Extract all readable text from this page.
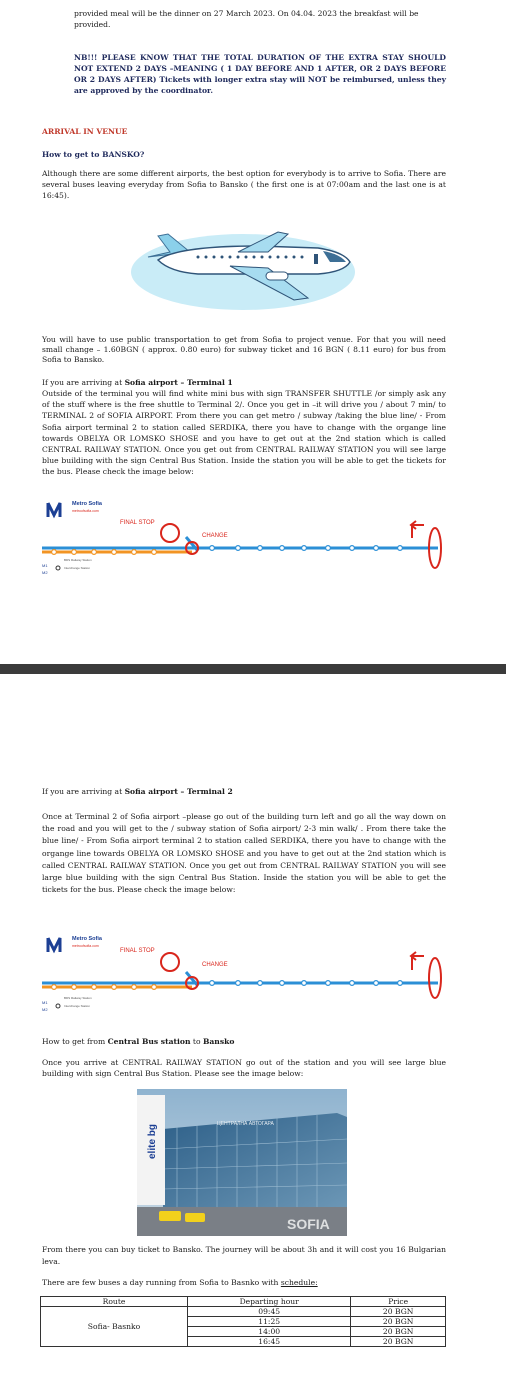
provided meal will be the dinner on 27 March 2023. On 04.04. 2023 the breakfast will be provided.
NB!!! PLEASE KNOW THAT THE TOTAL DURATION OF THE EXTRA STAY SHOULD NOT EXTEND 2 DAYS –MEANING ( 1 DAY BEFORE AND 1 AFTER, OR 2 DAYS BEFORE OR 2 DAYS AFTER) Tickets with longer extra stay will NOT be reimbursed, unless they are approved by the coordinator.
ARRIVAL IN VENUE
How to get to BANSKO?
Although there are some different airports, the best option for everybody is to arrive to Sofia. There are several buses leaving everyday from Sofia to Bansko ( the first one is at 07:00am and the last one is at 16:45).
You will have to use public transportation to get from Sofia to project venue. For that you will need small change – 1.60BGN ( approx. 0.80 euro) for subway ticket and 16 BGN ( 8.11 euro) for bus from Sofia to Bansko.
If you are arriving at Sofia airport – Terminal 1
Outside of the terminal you will find white mini bus with sign TRANSFER SHUTTLE /or simply ask any of the stuff where is the free shuttle to Terminal 2/. Once you get in –it will drive you / about 7 min/ to TERMINAL 2 of SOFIA AIRPORT. From there you can get metro / subway /taking the blue line/ - From Sofia airport terminal 2 to station called SERDIKA, there you have to change with the organge line towards OBELYA OR LOMSKO SHOSE and you have to get out at the 2nd station which is called CENTRAL RAILWAY STATION. Once you get out from CENTRAL RAILWAY STATION you will see large blue building with the sign Central Bus Station. Inside the station you will be able to get the tickets for the bus. Please check the image below:
Metro Sofia
metroofsofia.com
FINAL STOP
CHANGE
M1
M2
BDS Railway Station
Interchange Station
If you are arriving at Sofia airport – Terminal 2
Once at Terminal 2 of Sofia airport –please go out of the building turn left and go all the way down on the road and you will get to the / subway station of Sofia airport/ 2-3 min walk/ . From there take the blue line/ - From Sofia airport terminal 2 to station called SERDIKA, there you have to change with the organge line towards OBELYA OR LOMSKO SHOSE and you have to get out at the 2nd station which is called CENTRAL RAILWAY STATION. Once you get out from CENTRAL RAILWAY STATION you will see large blue building with the sign Central Bus Station. Inside the station you will be able to get the tickets for the bus. Please check the image below:
Metro Sofia
metroofsofia.com
FINAL STOP
CHANGE
M1
M2
BDS Railway Station
Interchange Station
How to get from Central Bus station to Bansko
Once you arrive at CENTRAL RAILWAY STATION go out of the station and you will see large blue building with sign Central Bus Station. Please see the image below:
ЦЕНТРАЛНА АВТОГАРА
elite bg
SOFIA
From there you can buy ticket to Bansko. The journey will be about 3h and it will cost you 16 Bulgarian leva.
There are few buses a day running from Sofia to Basnko with schedule:
Route	Departing hour	Price
Sofia- Basnko	09:45	20 BGN
	11:25	20 BGN
	14:00	20 BGN
	16:45	20 BGN
